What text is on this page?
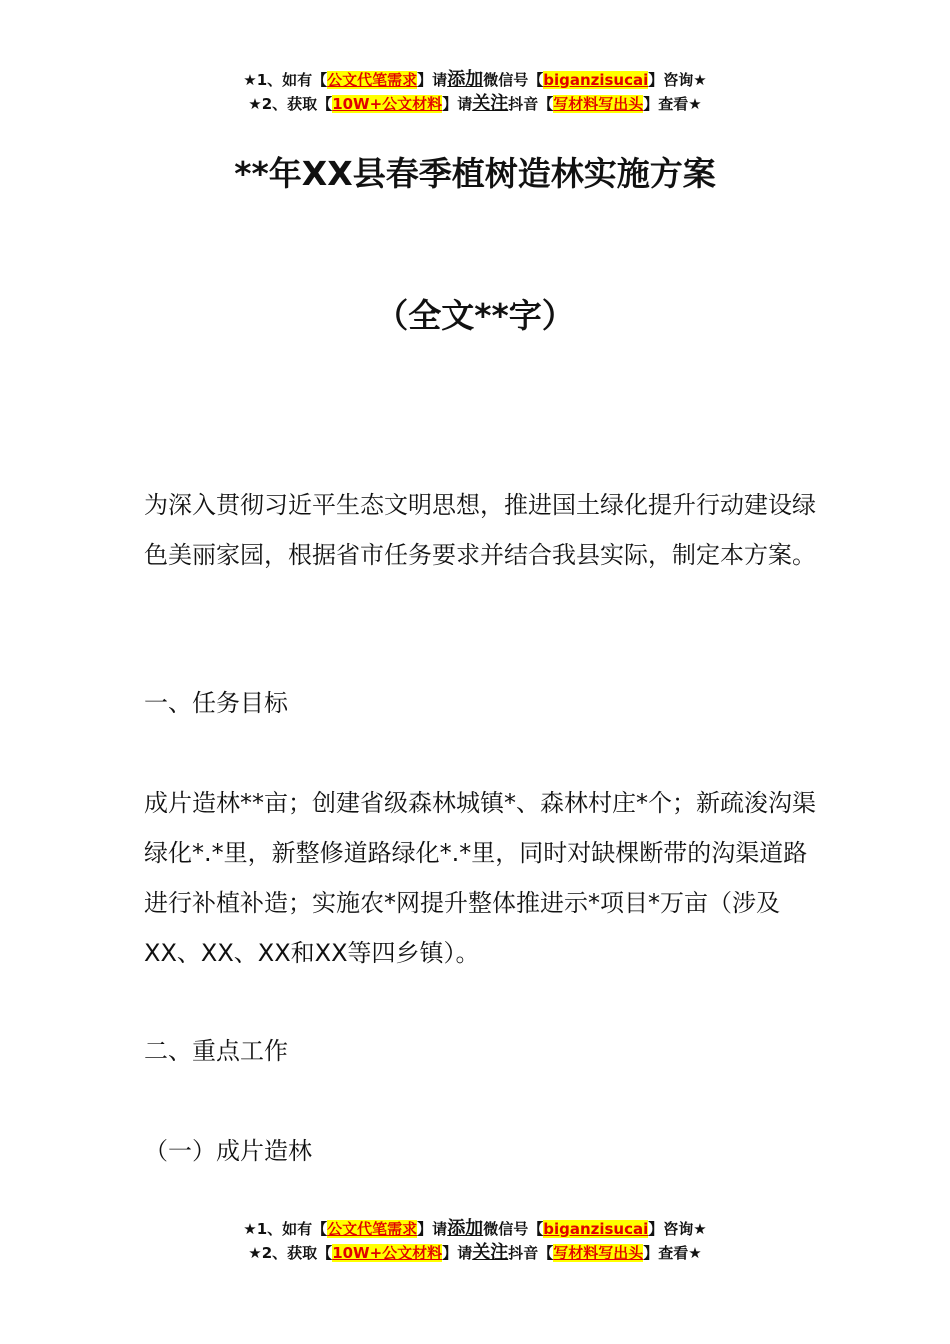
★1、如有【公文代笔需求】请添加微信号【biganzisucai】咨询★
★2、获取【10W+公文材料】请关注抖音【写材料写出头】查看★
**年XX县春季植树造林实施方案
（全文**字）

为深入贯彻习近平生态文明思想，推进国土绿化提升行动建设绿色美丽家园，根据省市任务要求并结合我县实际，制定本方案。

一、任务目标

成片造林**亩；创建省级森林城镇*、森林村庄*个；新疏浚沟渠绿化*.*里，新整修道路绿化*.*里，同时对缺棵断带的沟渠道路进行补植补造；实施农*网提升整体推进示*项目*万亩（涉及XX、XX、XX和XX等四乡镇）。

二、重点工作

（一）成片造林

★1、如有【公文代笔需求】请添加微信号【biganzisucai】咨询★
★2、获取【10W+公文材料】请关注抖音【写材料写出头】查看★
